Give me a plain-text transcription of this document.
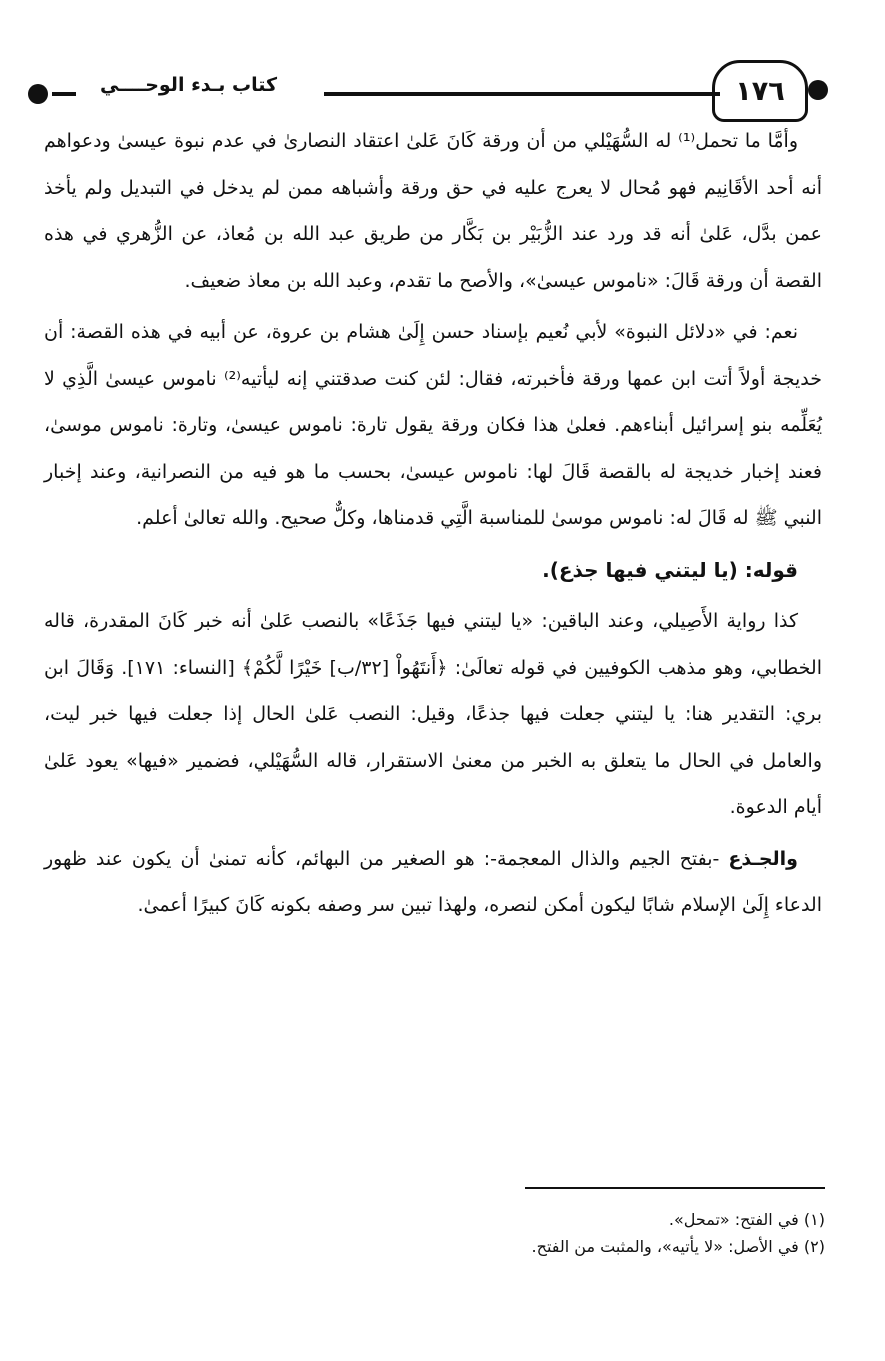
١٧٦
كتاب بـدء الوحــــي

وأمَّا ما تحمل⁽¹⁾ له السُّهَيْلي من أن ورقة كَانَ عَلىٰ اعتقاد النصارىٰ في عدم نبوة عيسىٰ ودعواهم أنه أحد الأقَانِيم فهو مُحال لا يعرج عليه في حق ورقة وأشباهه ممن لم يدخل في التبديل ولم يأخذ عمن بدَّل، عَلىٰ أنه قد ورد عند الزُّبَيْر بن بَكَّار من طريق عبد الله بن مُعاذ، عن الزُّهري في هذه القصة أن ورقة قَالَ: «ناموس عيسىٰ»، والأصح ما تقدم، وعبد الله بن معاذ ضعيف.

نعم: في «دلائل النبوة» لأبي نُعيم بإسناد حسن إِلَىٰ هشام بن عروة، عن أبيه في هذه القصة: أن خديجة أولاً أتت ابن عمها ورقة فأخبرته، فقال: لئن كنت صدقتني إنه ليأتيه⁽²⁾ ناموس عيسىٰ الَّذِي لا يُعَلِّمه بنو إسرائيل أبناءهم. فعلىٰ هذا فكان ورقة يقول تارة: ناموس عيسىٰ، وتارة: ناموس موسىٰ، فعند إخبار خديجة له بالقصة قَالَ لها: ناموس عيسىٰ، بحسب ما هو فيه من النصرانية، وعند إخبار النبي ﷺ له قَالَ له: ناموس موسىٰ للمناسبة الَّتِي قدمناها، وكلٌّ صحيح. والله تعالىٰ أعلم.

قوله: (يا ليتني فيها جذع).

كذا رواية الأَصِيلي، وعند الباقين: «يا ليتني فيها جَذَعًا» بالنصب عَلىٰ أنه خبر كَانَ المقدرة، قاله الخطابي، وهو مذهب الكوفيين في قوله تعالَىٰ: ﴿أَنتَهُواْ [٣٢/ب] خَيْرًا لَّكُمْ﴾ [النساء: ١٧١]. وَقَالَ ابن بري: التقدير هنا: يا ليتني جعلت فيها جذعًا، وقيل: النصب عَلىٰ الحال إذا جعلت فيها خبر ليت، والعامل في الحال ما يتعلق به الخبر من معنىٰ الاستقرار، قاله السُّهَيْلي، فضمير «فيها» يعود عَلىٰ أيام الدعوة.

والجـذع -بفتح الجيم والذال المعجمة-: هو الصغير من البهائم، كأنه تمنىٰ أن يكون عند ظهور الدعاء إِلَىٰ الإسلام شابًا ليكون أمكن لنصره، ولهذا تبين سر وصفه بكونه كَانَ كبيرًا أعمىٰ.

(١) في الفتح: «تمحل».
(٢) في الأصل: «لا يأتيه»، والمثبت من الفتح.
